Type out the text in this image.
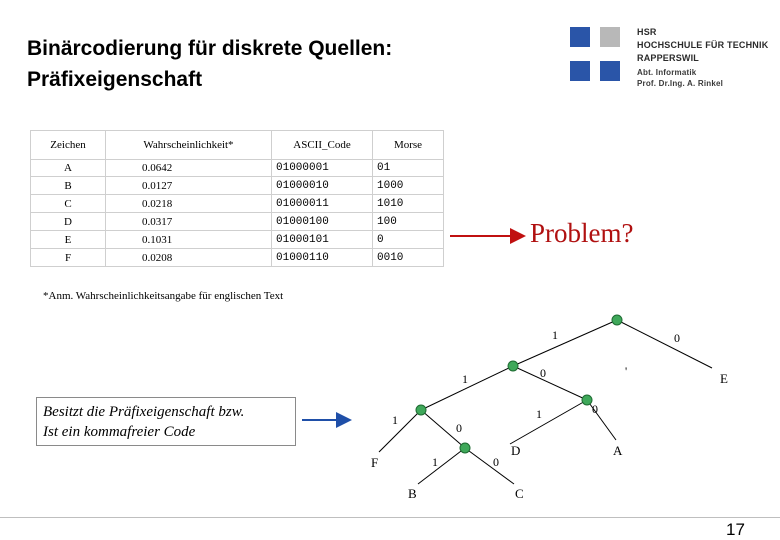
Binärcodierung für diskrete Quellen:
Präfixeigenschaft
HSR
HOCHSCHULE FÜR TECHNIK
RAPPERSWIL
Abt. Informatik
Prof. Dr.Ing. A. Rinkel
Zeichen	Wahrscheinlichkeit*	ASCII_Code	Morse
A	0.0642	01000001	01
B	0.0127	01000010	1000
C	0.0218	01000011	1010
D	0.0317	01000100	100
E	0.1031	01000101	0
F	0.0208	01000110	0010
*Anm. Wahrscheinlichkeitsangabe für englischen Text
Problem?
Besitzt die Präfixeigenschaft bzw.
Ist ein kommafreier Code
1	0
1	0	'
1
0
1	0
1	0
E
F
D	A
B	C
17
